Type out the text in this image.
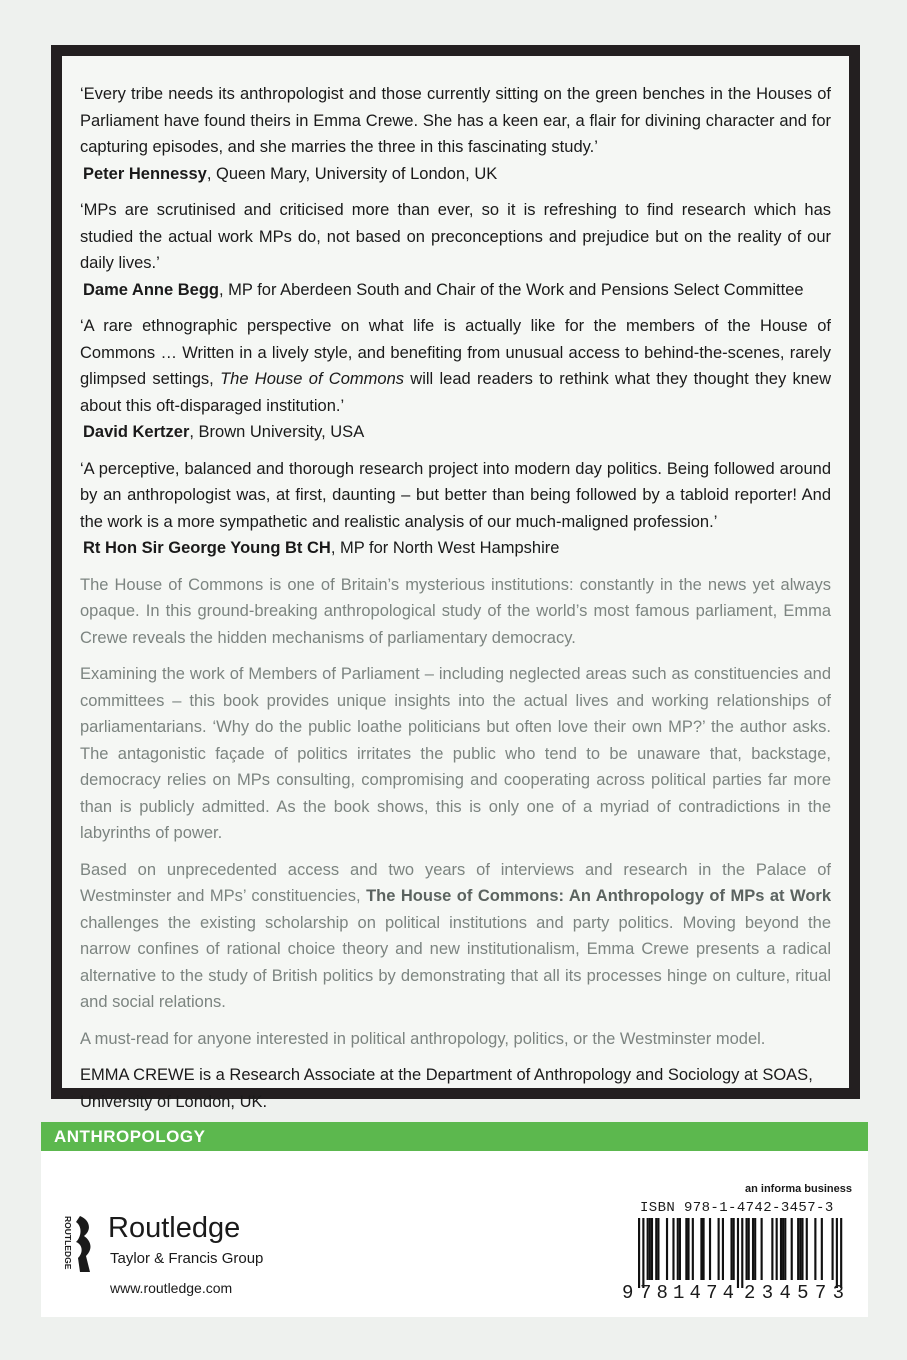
‘Every tribe needs its anthropologist and those currently sitting on the green benches in the Houses of Parliament have found theirs in Emma Crewe. She has a keen ear, a flair for divining character and for capturing episodes, and she marries the three in this fascinating study.’

Peter Hennessy, Queen Mary, University of London, UK

‘MPs are scrutinised and criticised more than ever, so it is refreshing to find research which has studied the actual work MPs do, not based on preconceptions and prejudice but on the reality of our daily lives.’

Dame Anne Begg, MP for Aberdeen South and Chair of the Work and Pensions Select Committee

‘A rare ethnographic perspective on what life is actually like for the members of the House of Commons … Written in a lively style, and benefiting from unusual access to behind-the-scenes, rarely glimpsed settings, The House of Commons will lead readers to rethink what they thought they knew about this oft-disparaged institution.’

David Kertzer, Brown University, USA

‘A perceptive, balanced and thorough research project into modern day politics. Being followed around by an anthropologist was, at first, daunting – but better than being followed by a tabloid reporter! And the work is a more sympathetic and realistic analysis of our much-maligned profession.’

Rt Hon Sir George Young Bt CH, MP for North West Hampshire

The House of Commons is one of Britain’s mysterious institutions: constantly in the news yet always opaque. In this ground-breaking anthropological study of the world’s most famous parliament, Emma Crewe reveals the hidden mechanisms of parliamentary democracy.

Examining the work of Members of Parliament – including neglected areas such as constituencies and committees – this book provides unique insights into the actual lives and working relationships of parliamentarians. ‘Why do the public loathe politicians but often love their own MP?’ the author asks. The antagonistic façade of politics irritates the public who tend to be unaware that, backstage, democracy relies on MPs consulting, compromising and cooperating across political parties far more than is publicly admitted. As the book shows, this is only one of a myriad of contradictions in the labyrinths of power.

Based on unprecedented access and two years of interviews and research in the Palace of Westminster and MPs’ constituencies, The House of Commons: An Anthropology of MPs at Work challenges the existing scholarship on political institutions and party politics. Moving beyond the narrow confines of rational choice theory and new institutionalism, Emma Crewe presents a radical alternative to the study of British politics by demonstrating that all its processes hinge on culture, ritual and social relations.

A must-read for anyone interested in political anthropology, politics, or the Westminster model.

EMMA CREWE is a Research Associate at the Department of Anthropology and Sociology at SOAS, University of London, UK.

ANTHROPOLOGY
ROUTLEDGE Routledge
Taylor & Francis Group
www.routledge.com
an informa business
ISBN 978-1-4742-3457-3
9 781474 234573
